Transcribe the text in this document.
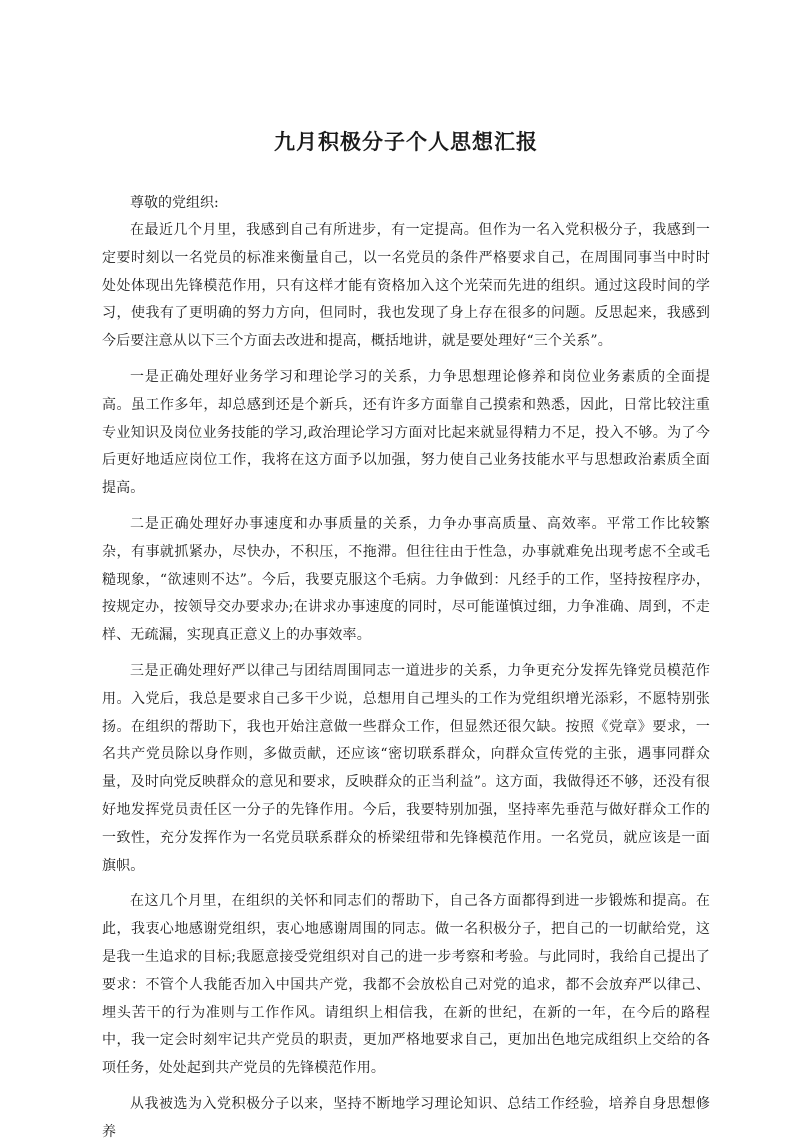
九月积极分子个人思想汇报

尊敬的党组织:

在最近几个月里，我感到自己有所进步，有一定提高。但作为一名入党积极分子，我感到一定要时刻以一名党员的标准来衡量自己，以一名党员的条件严格要求自己，在周围同事当中时时处处体现出先锋模范作用，只有这样才能有资格加入这个光荣而先进的组织。通过这段时间的学习，使我有了更明确的努力方向，但同时，我也发现了身上存在很多的问题。反思起来，我感到今后要注意从以下三个方面去改进和提高，概括地讲，就是要处理好“三个关系”。

一是正确处理好业务学习和理论学习的关系，力争思想理论修养和岗位业务素质的全面提高。虽工作多年，却总感到还是个新兵，还有许多方面靠自己摸索和熟悉，因此，日常比较注重专业知识及岗位业务技能的学习,政治理论学习方面对比起来就显得精力不足，投入不够。为了今后更好地适应岗位工作，我将在这方面予以加强，努力使自己业务技能水平与思想政治素质全面提高。

二是正确处理好办事速度和办事质量的关系，力争办事高质量、高效率。平常工作比较繁杂，有事就抓紧办，尽快办，不积压，不拖滞。但往往由于性急，办事就难免出现考虑不全或毛糙现象，“欲速则不达”。今后，我要克服这个毛病。力争做到：凡经手的工作，坚持按程序办，按规定办，按领导交办要求办;在讲求办事速度的同时，尽可能谨慎过细，力争准确、周到，不走样、无疏漏，实现真正意义上的办事效率。

三是正确处理好严以律己与团结周围同志一道进步的关系，力争更充分发挥先锋党员模范作用。入党后，我总是要求自己多干少说，总想用自己埋头的工作为党组织增光添彩，不愿特别张扬。在组织的帮助下，我也开始注意做一些群众工作，但显然还很欠缺。按照《党章》要求，一名共产党员除以身作则，多做贡献，还应该“密切联系群众，向群众宣传党的主张，遇事同群众量，及时向党反映群众的意见和要求，反映群众的正当利益”。这方面，我做得还不够，还没有很好地发挥党员责任区一分子的先锋作用。今后，我要特别加强，坚持率先垂范与做好群众工作的一致性，充分发挥作为一名党员联系群众的桥梁纽带和先锋模范作用。一名党员，就应该是一面旗帜。

在这几个月里，在组织的关怀和同志们的帮助下，自己各方面都得到进一步锻炼和提高。在此，我衷心地感谢党组织，衷心地感谢周围的同志。做一名积极分子，把自己的一切献给党，这是我一生追求的目标;我愿意接受党组织对自己的进一步考察和考验。与此同时，我给自己提出了要求：不管个人我能否加入中国共产党，我都不会放松自己对党的追求，都不会放弃严以律己、埋头苦干的行为准则与工作作风。请组织上相信我，在新的世纪，在新的一年，在今后的路程中，我一定会时刻牢记共产党员的职责，更加严格地要求自己，更加出色地完成组织上交给的各项任务，处处起到共产党员的先锋模范作用。

从我被选为入党积极分子以来，坚持不断地学习理论知识、总结工作经验，培养自身思想修养
